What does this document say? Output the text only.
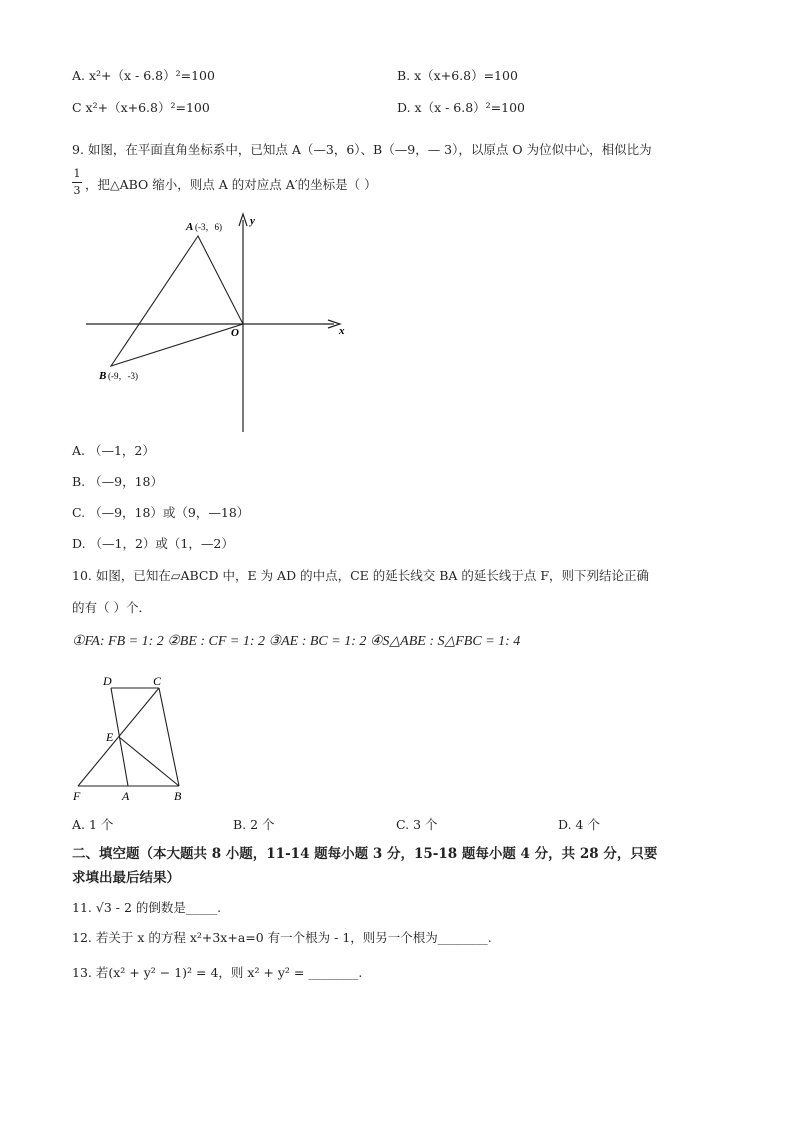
A. x²+（x - 6.8）²=100	B. x（x+6.8）=100
C x²+（x+6.8）²=100	D. x（x - 6.8）²=100
9. 如图，在平面直角坐标系中，已知点 A（—3，6）、B（—9，— 3），以原点 O 为位似中心，相似比为
1
3 ，把△ABO 缩小，则点 A 的对应点 A′的坐标是（ ）
A (-3，6)
B (-9，-3)
O	x
y
A. （—1，2）
B. （—9，18）
C. （—9，18）或（9，—18）
D. （—1，2）或（1，—2）
10. 如图，已知在▱ABCD 中，E 为 AD 的中点，CE 的延长线交 BA 的延长线于点 F，则下列结论正确
的有（ ）个．
①FA: FB = 1: 2 ②BE : CF = 1: 2 ③AE : BC = 1: 2 ④S△ABE : S△FBC = 1: 4
D	C
E
F	A	B
A. 1 个	B. 2 个	C. 3 个	D. 4 个
二、填空题（本大题共 8 小题，11-14 题每小题 3 分，15-18 题每小题 4 分，共 28 分，只要
求填出最后结果）
11. √3 - 2 的倒数是_____.
12. 若关于 x 的方程 x²+3x+a=0 有一个根为 - 1，则另一个根为________.
13. 若(x² + y² − 1)² = 4，则 x² + y² = ________.
